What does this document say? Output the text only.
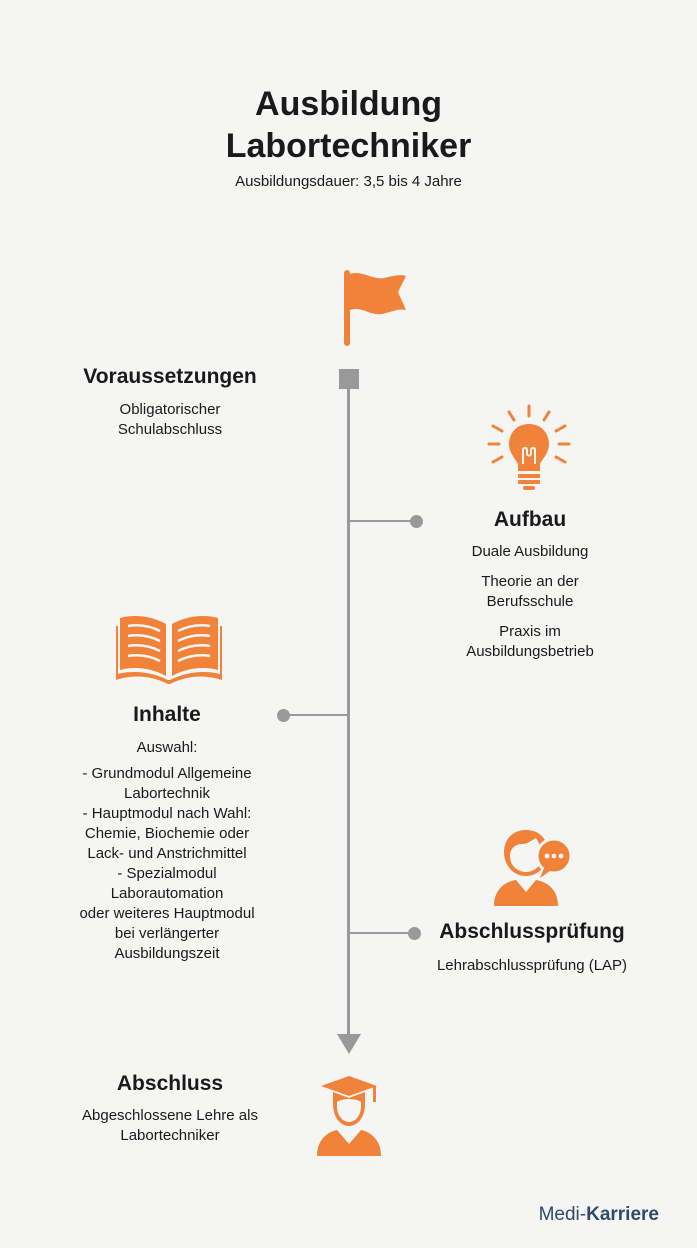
Ausbildung
Labortechniker
Ausbildungsdauer: 3,5 bis 4 Jahre
Voraussetzungen
Obligatorischer
Schulabschluss
Aufbau
Duale Ausbildung
Theorie an der
Berufsschule
Praxis im
Ausbildungsbetrieb
Inhalte
Auswahl:
- Grundmodul Allgemeine
Labortechnik
- Hauptmodul nach Wahl:
Chemie, Biochemie oder
Lack- und Anstrichmittel
- Spezialmodul
Laborautomation
oder weiteres Hauptmodul
bei verlängerter
Ausbildungszeit
Abschlussprüfung
Lehrabschlussprüfung (LAP)
Abschluss
Abgeschlossene Lehre als
Labortechniker
Medi-Karriere
